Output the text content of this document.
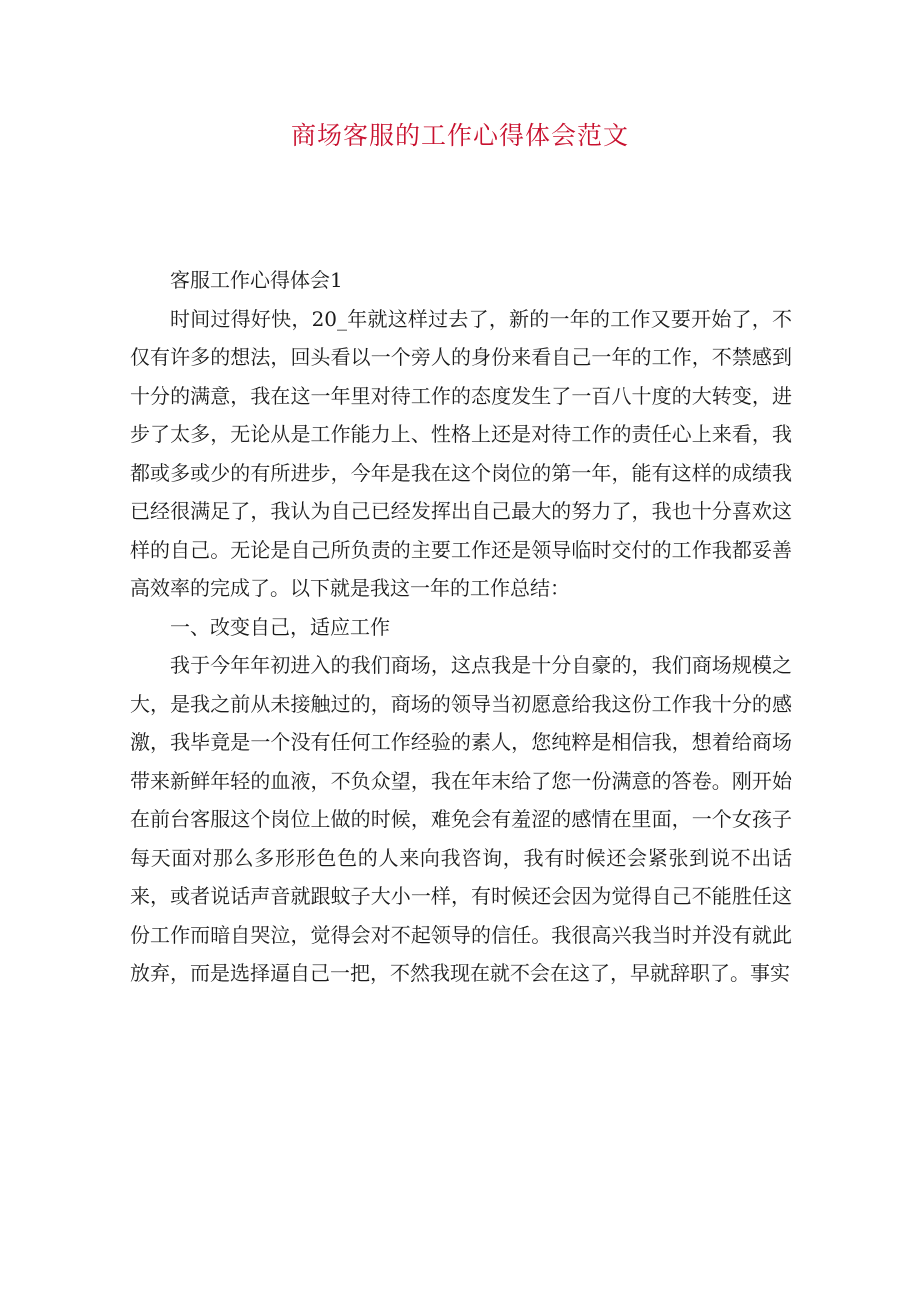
商场客服的工作心得体会范文

客服工作心得体会1

时间过得好快，20_年就这样过去了，新的一年的工作又要开始了，不仅有许多的想法，回头看以一个旁人的身份来看自己一年的工作，不禁感到十分的满意，我在这一年里对待工作的态度发生了一百八十度的大转变，进步了太多，无论从是工作能力上、性格上还是对待工作的责任心上来看，我都或多或少的有所进步，今年是我在这个岗位的第一年，能有这样的成绩我已经很满足了，我认为自己已经发挥出自己最大的努力了，我也十分喜欢这样的自己。无论是自己所负责的主要工作还是领导临时交付的工作我都妥善高效率的完成了。以下就是我这一年的工作总结：

一、改变自己，适应工作

我于今年年初进入的我们商场，这点我是十分自豪的，我们商场规模之大，是我之前从未接触过的，商场的领导当初愿意给我这份工作我十分的感激，我毕竟是一个没有任何工作经验的素人，您纯粹是相信我，想着给商场带来新鲜年轻的血液，不负众望，我在年末给了您一份满意的答卷。刚开始在前台客服这个岗位上做的时候，难免会有羞涩的感情在里面，一个女孩子每天面对那么多形形色色的人来向我咨询，我有时候还会紧张到说不出话来，或者说话声音就跟蚊子大小一样，有时候还会因为觉得自己不能胜任这份工作而暗自哭泣，觉得会对不起领导的信任。我很高兴我当时并没有就此放弃，而是选择逼自己一把，不然我现在就不会在这了，早就辞职了。事实
